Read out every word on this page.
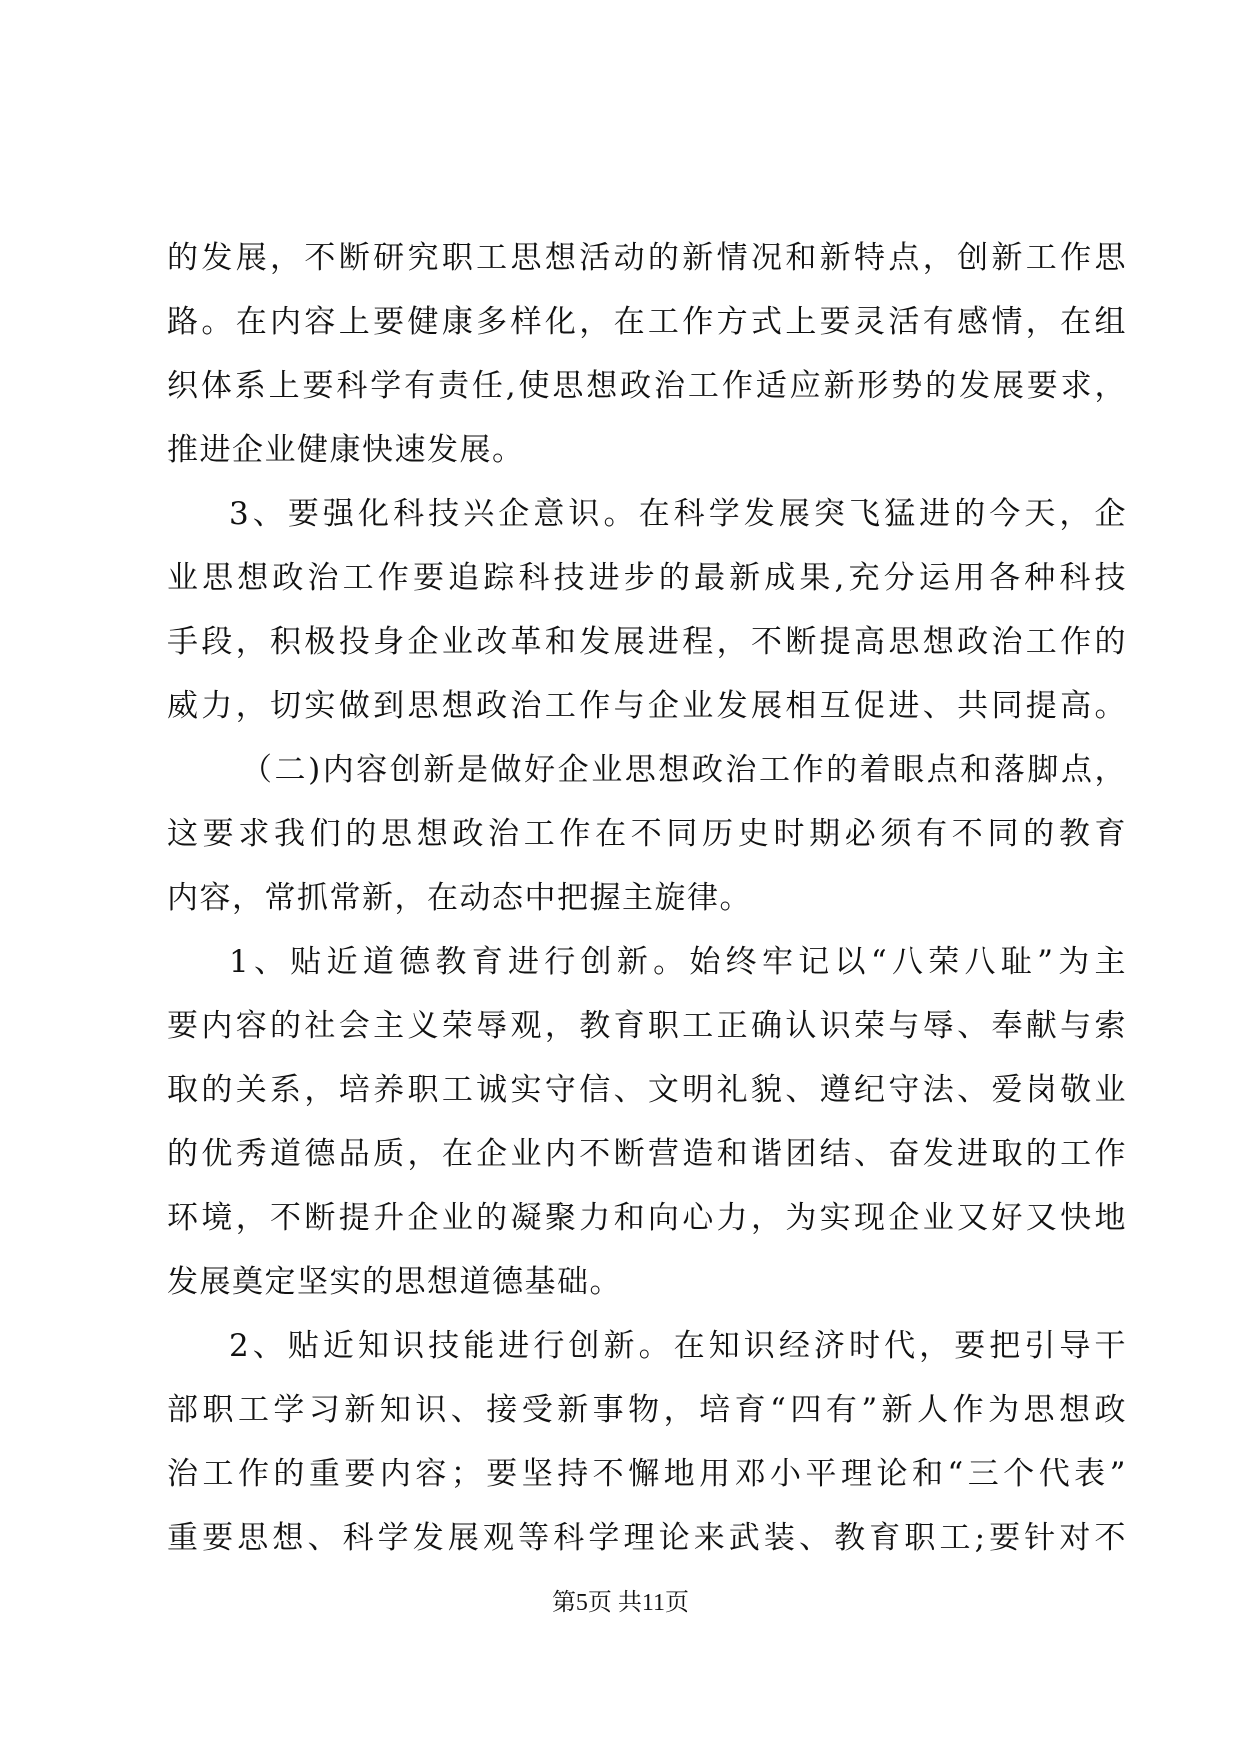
的发展，不断研究职工思想活动的新情况和新特点，创新工作思
路。在内容上要健康多样化，在工作方式上要灵活有感情，在组
织体系上要科学有责任,使思想政治工作适应新形势的发展要求，
推进企业健康快速发展。
3、要强化科技兴企意识。在科学发展突飞猛进的今天，企
业思想政治工作要追踪科技进步的最新成果,充分运用各种科技
手段，积极投身企业改革和发展进程，不断提高思想政治工作的
威力，切实做到思想政治工作与企业发展相互促进、共同提高。
（二)内容创新是做好企业思想政治工作的着眼点和落脚点，
这要求我们的思想政治工作在不同历史时期必须有不同的教育
内容，常抓常新，在动态中把握主旋律。
1、贴近道德教育进行创新。始终牢记以“八荣八耻”为主
要内容的社会主义荣辱观，教育职工正确认识荣与辱、奉献与索
取的关系，培养职工诚实守信、文明礼貌、遵纪守法、爱岗敬业
的优秀道德品质，在企业内不断营造和谐团结、奋发进取的工作
环境，不断提升企业的凝聚力和向心力，为实现企业又好又快地
发展奠定坚实的思想道德基础。
2、贴近知识技能进行创新。在知识经济时代，要把引导干
部职工学习新知识、接受新事物，培育“四有”新人作为思想政
治工作的重要内容；要坚持不懈地用邓小平理论和“三个代表”
重要思想、科学发展观等科学理论来武装、教育职工;要针对不
第5页 共11页
